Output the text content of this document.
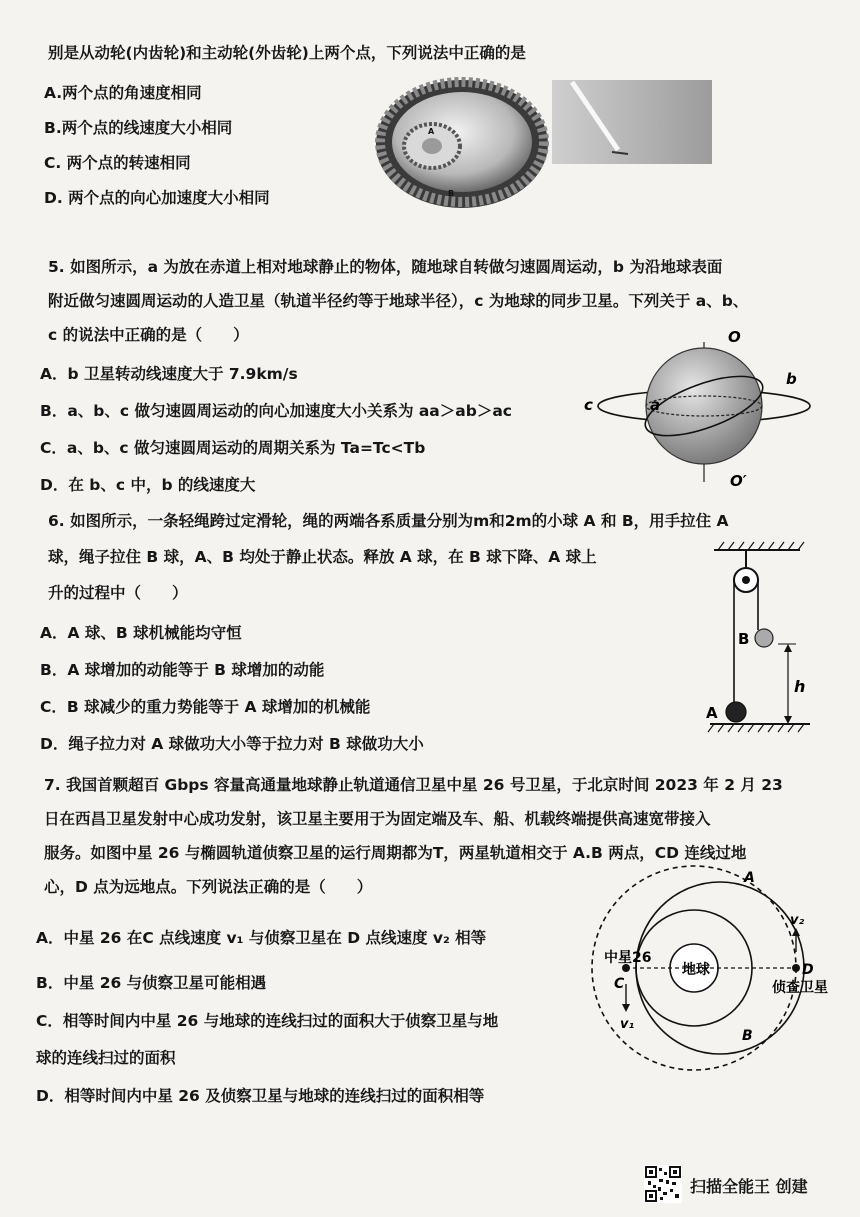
别是从动轮(内齿轮)和主动轮(外齿轮)上两个点，下列说法中正确的是
A.两个点的角速度相同
B.两个点的线速度大小相同
C. 两个点的转速相同
D. 两个点的向心加速度大小相同
A
B
5. 如图所示，a 为放在赤道上相对地球静止的物体，随地球自转做匀速圆周运动，b 为沿地球表面
附近做匀速圆周运动的人造卫星（轨道半径约等于地球半径），c 为地球的同步卫星。下列关于 a、b、
c 的说法中正确的是（　　）
A．b 卫星转动线速度大于 7.9km/s
B．a、b、c 做匀速圆周运动的向心加速度大小关系为 aa＞ab＞ac
C．a、b、c 做匀速圆周运动的周期关系为 Ta=Tc<Tb
D．在 b、c 中，b 的线速度大
O
O′
b
c	a
6. 如图所示，一条轻绳跨过定滑轮，绳的两端各系质量分别为m和2m的小球 A 和 B，用手拉住 A
球，绳子拉住 B 球，A、B 均处于静止状态。释放 A 球，在 B 球下降、A 球上
升的过程中（　　）
A．A 球、B 球机械能均守恒
B．A 球增加的动能等于 B 球增加的动能
C．B 球减少的重力势能等于 A 球增加的机械能
D．绳子拉力对 A 球做功大小等于拉力对 B 球做功大小
B
A
h
7. 我国首颗超百 Gbps 容量高通量地球静止轨道通信卫星中星 26 号卫星，于北京时间 2023 年 2 月 23
日在西昌卫星发射中心成功发射，该卫星主要用于为固定端及车、船、机载终端提供高速宽带接入
服务。如图中星 26 与椭圆轨道侦察卫星的运行周期都为T，两星轨道相交于 A.B 两点，CD 连线过地
心，D 点为远地点。下列说法正确的是（　　）
A．中星 26 在C 点线速度 v₁ 与侦察卫星在 D 点线速度 v₂ 相等
B．中星 26 与侦察卫星可能相遇
C．相等时间内中星 26 与地球的连线扫过的面积大于侦察卫星与地
球的连线扫过的面积
D．相等时间内中星 26 及侦察卫星与地球的连线扫过的面积相等
地球
中星26
侦查卫星
C
D
A
B
v₁
v₂
扫描全能王 创建
